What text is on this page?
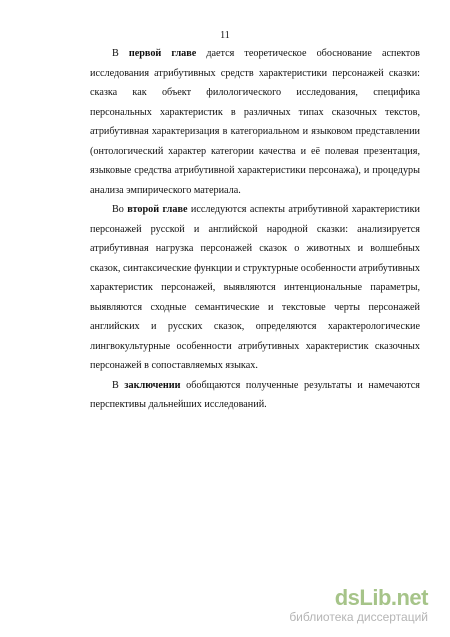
11

В первой главе дается теоретическое обоснование аспектов исследования атрибутивных средств характеристики персонажей сказки: сказка как объект филологического исследования, специфика персональных характеристик в различных типах сказочных текстов, атрибутивная характеризация в категориальном и языковом представлении (онтологический характер категории качества и её полевая презентация, языковые средства атрибутивной характеристики персонажа), и процедуры анализа эмпирического материала.

Во второй главе исследуются аспекты атрибутивной характеристики персонажей русской и английской народной сказки: анализируется атрибутивная нагрузка персонажей сказок о животных и волшебных сказок, синтаксические функции и структурные особенности атрибутивных характеристик персонажей, выявляются интенциональные параметры, выявляются сходные семантические и текстовые черты персонажей английских и русских сказок, определяются характерологические лингвокультурные особенности атрибутивных характеристик сказочных персонажей в сопоставляемых языках.

В заключении обобщаются полученные результаты и намечаются перспективы дальнейших исследований.

dsLib.net
библиотека диссертаций
